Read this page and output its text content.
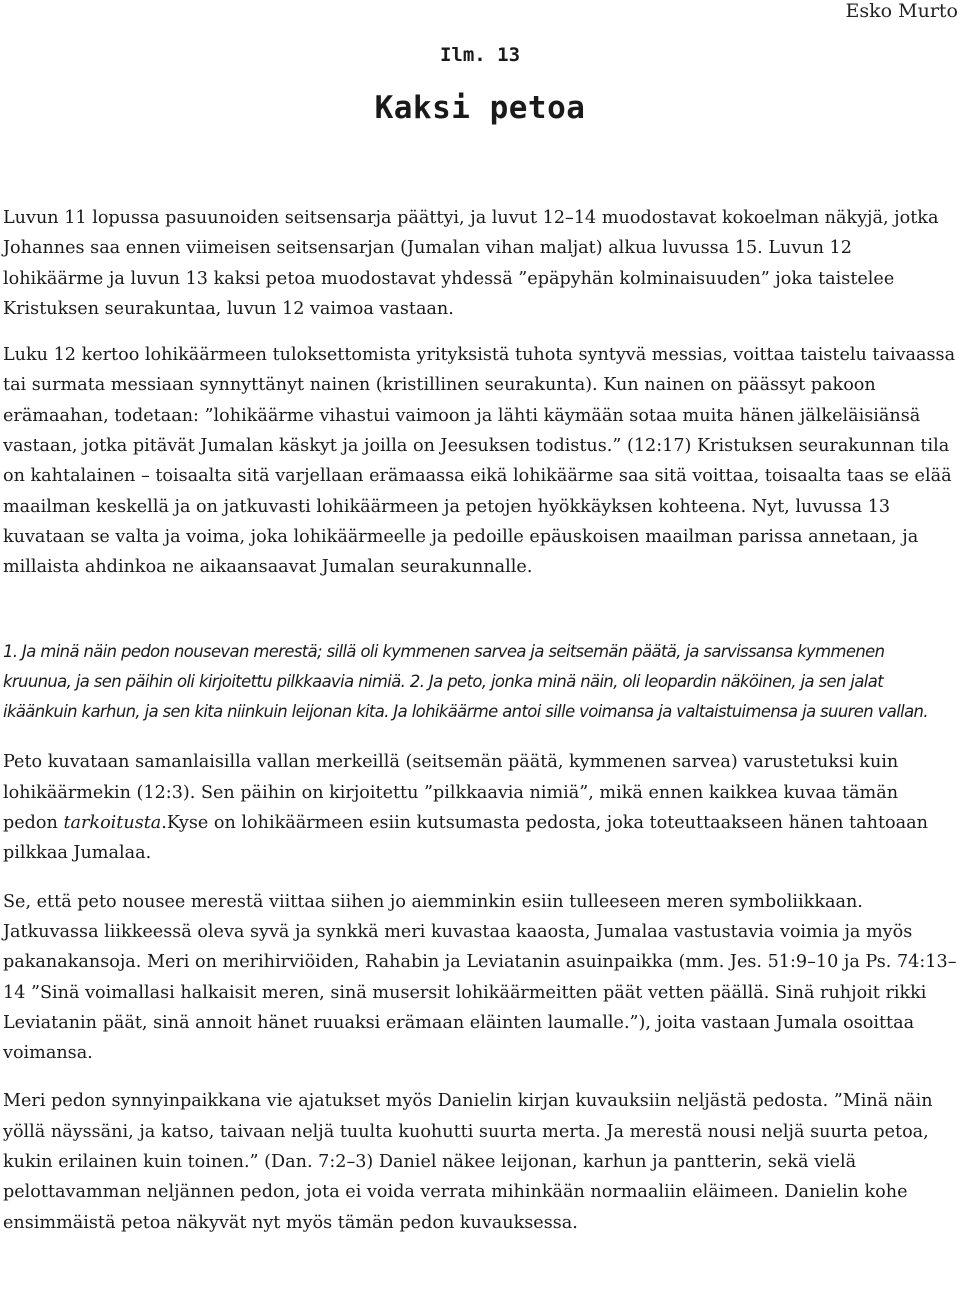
Esko Murto

Ilm. 13
Kaksi petoa

Luvun 11 lopussa pasuunoiden seitsensarja päättyi, ja luvut 12–14 muodostavat kokoelman näkyjä, jotka Johannes saa ennen viimeisen seitsensarjan (Jumalan vihan maljat) alkua luvussa 15. Luvun 12 lohikäärme ja luvun 13 kaksi petoa muodostavat yhdessä ”epäpyhän kolminaisuuden” joka taistelee Kristuksen seurakuntaa, luvun 12 vaimoa vastaan.

Luku 12 kertoo lohikäärmeen tuloksettomista yrityksistä tuhota syntyvä messias, voittaa taistelu taivaassa tai surmata messiaan synnyttänyt nainen (kristillinen seurakunta). Kun nainen on päässyt pakoon erämaahan, todetaan: ”lohikäärme vihastui vaimoon ja lähti käymään sotaa muita hänen jälkeläisiänsä vastaan, jotka pitävät Jumalan käskyt ja joilla on Jeesuksen todistus.” (12:17) Kristuksen seurakunnan tila on kahtalainen – toisaalta sitä varjellaan erämaassa eikä lohikäärme saa sitä voittaa, toisaalta taas se elää maailman keskellä ja on jatkuvasti lohikäärmeen ja petojen hyökkäyksen kohteena. Nyt, luvussa 13 kuvataan se valta ja voima, joka lohikäärmeelle ja pedoille epäuskoisen maailman parissa annetaan, ja millaista ahdinkoa ne aikaansaavat Jumalan seurakunnalle.

1. Ja minä näin pedon nousevan merestä; sillä oli kymmenen sarvea ja seitsemän päätä, ja sarvissansa kymmenen kruunua, ja sen päihin oli kirjoitettu pilkkaavia nimiä. 2. Ja peto, jonka minä näin, oli leopardin näköinen, ja sen jalat ikäänkuin karhun, ja sen kita niinkuin leijonan kita. Ja lohikäärme antoi sille voimansa ja valtaistuimensa ja suuren vallan.

Peto kuvataan samanlaisilla vallan merkeillä (seitsemän päätä, kymmenen sarvea) varustetuksi kuin lohikäärmekin (12:3). Sen päihin on kirjoitettu ”pilkkaavia nimiä”, mikä ennen kaikkea kuvaa tämän pedon tarkoitusta.Kyse on lohikäärmeen esiin kutsumasta pedosta, joka toteuttaakseen hänen tahtoaan pilkkaa Jumalaa.

Se, että peto nousee merestä viittaa siihen jo aiemminkin esiin tulleeseen meren symboliikkaan. Jatkuvassa liikkeessä oleva syvä ja synkkä meri kuvastaa kaaosta, Jumalaa vastustavia voimia ja myös pakanakansoja. Meri on merihirviöiden, Rahabin ja Leviatanin asuinpaikka (mm. Jes. 51:9–10 ja Ps. 74:13–14 ”Sinä voimallasi halkaisit meren, sinä musersit lohikäärmeitten päät vetten päällä. Sinä ruhjoit rikki Leviatanin päät, sinä annoit hänet ruuaksi erämaan eläinten laumalle.”), joita vastaan Jumala osoittaa voimansa.

Meri pedon synnyinpaikkana vie ajatukset myös Danielin kirjan kuvauksiin neljästä pedosta. ”Minä näin yöllä näyssäni, ja katso, taivaan neljä tuulta kuohutti suurta merta. Ja merestä nousi neljä suurta petoa, kukin erilainen kuin toinen.” (Dan. 7:2–3) Daniel näkee leijonan, karhun ja pantterin, sekä vielä pelottavamman neljännen pedon, jota ei voida verrata mihinkään normaaliin eläimeen. Danielin kohe ensimmäistä petoa näkyvät nyt myös tämän pedon kuvauksessa.
